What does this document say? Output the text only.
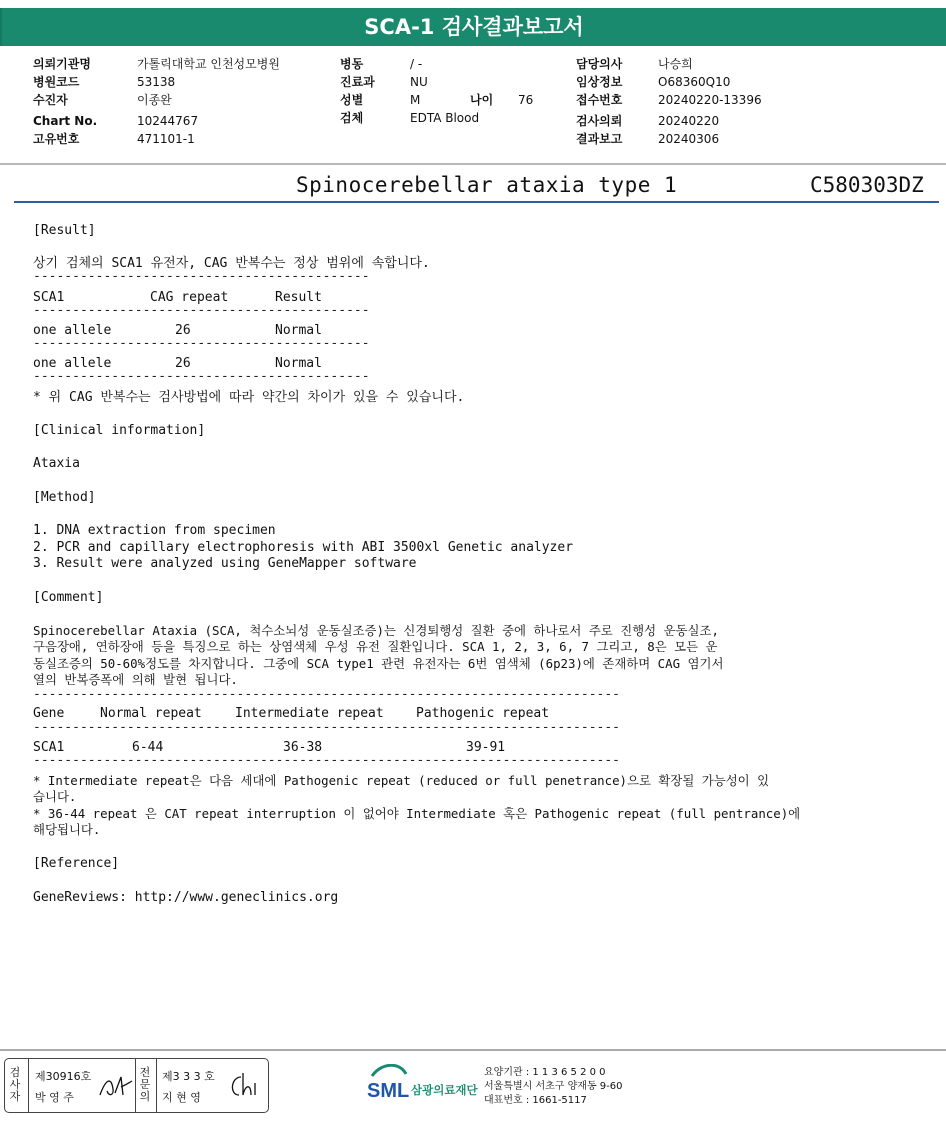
SCA-1 검사결과보고서
의뢰기관명	가톨릭대학교 인천성모병원
병원코드	53138
수진자	이종완
Chart No.	10244767
고유번호	471101-1
병동	/ -
진료과	NU
성별	M	나이 76
검체	EDTA Blood
담당의사	나승희
임상정보	O68360Q10
접수번호	20240220-13396
검사의뢰	20240220
결과보고	20240306
Spinocerebellar ataxia type 1	C580303DZ
[Result]
상기 검체의 SCA1 유전자, CAG 반복수는 정상 범위에 속합니다.
-------------------------------------------
SCA1	CAG repeat	Result
-------------------------------------------
one allele	26	Normal
-------------------------------------------
one allele	26	Normal
-------------------------------------------
* 위 CAG 반복수는 검사방법에 따라 약간의 차이가 있을 수 있습니다.
[Clinical information]
Ataxia
[Method]
1. DNA extraction from specimen
2. PCR and capillary electrophoresis with ABI 3500xl Genetic analyzer
3. Result were analyzed using GeneMapper software
[Comment]
Spinocerebellar Ataxia (SCA, 척수소뇌성 운동실조증)는 신경퇴행성 질환 중에 하나로서 주로 진행성 운동실조,
구음장애, 연하장애 등을 특징으로 하는 상염색체 우성 유전 질환입니다. SCA 1, 2, 3, 6, 7 그리고, 8은 모든 운
동실조증의 50-60%정도를 차지합니다. 그중에 SCA type1 관련 유전자는 6번 염색체 (6p23)에 존재하며 CAG 염기서
열의 반복증폭에 의해 발현 됩니다.
---------------------------------------------------------------------------
Gene	Normal repeat	Intermediate repeat Pathogenic repeat
---------------------------------------------------------------------------
SCA1	6-44	36-38	39-91
---------------------------------------------------------------------------
* Intermediate repeat은 다음 세대에 Pathogenic repeat (reduced or full penetrance)으로 확장될 가능성이 있
습니다.
* 36-44 repeat 은 CAT repeat interruption 이 없어야 Intermediate 혹은 Pathogenic repeat (full pentrance)에
해당됩니다.
[Reference]
GeneReviews: http://www.geneclinics.org
검
사
자
제30916호
박 영 주
전
문
의
제3 3 3 호
지 현 영	SML 삼광의료재단
요양기관 : 1 1 3 6 5 2 0 0
서울특별시 서초구 양재동 9-60
대표번호 : 1661-5117
